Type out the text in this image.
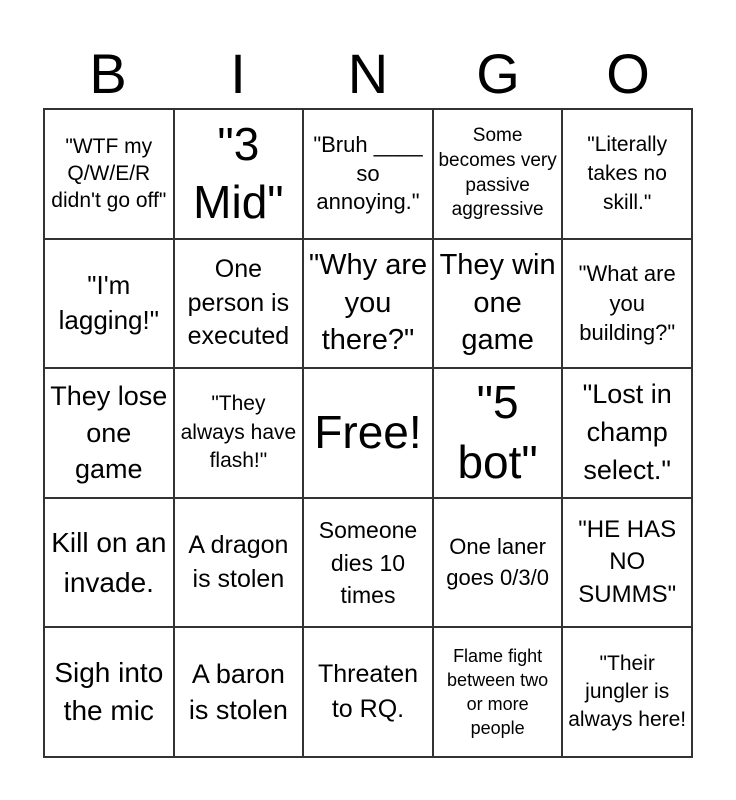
B	I	N	G	O
"WTF my Q/W/E/R didn't go off"
"3 Mid"
"Bruh ____ so annoying."
Some becomes very passive aggressive
"Literally takes no skill."
"I'm lagging!"
One person is executed
"Why are you there?"
They win one game
"What are you building?"
They lose one game
"They always have flash!"
Free!
"5 bot"
"Lost in champ select."
Kill on an invade.
A dragon is stolen
Someone dies 10 times
One laner goes 0/3/0
"HE HAS NO SUMMS"
Sigh into the mic
A baron is stolen
Threaten to RQ.
Flame fight between two or more people
"Their jungler is always here!
